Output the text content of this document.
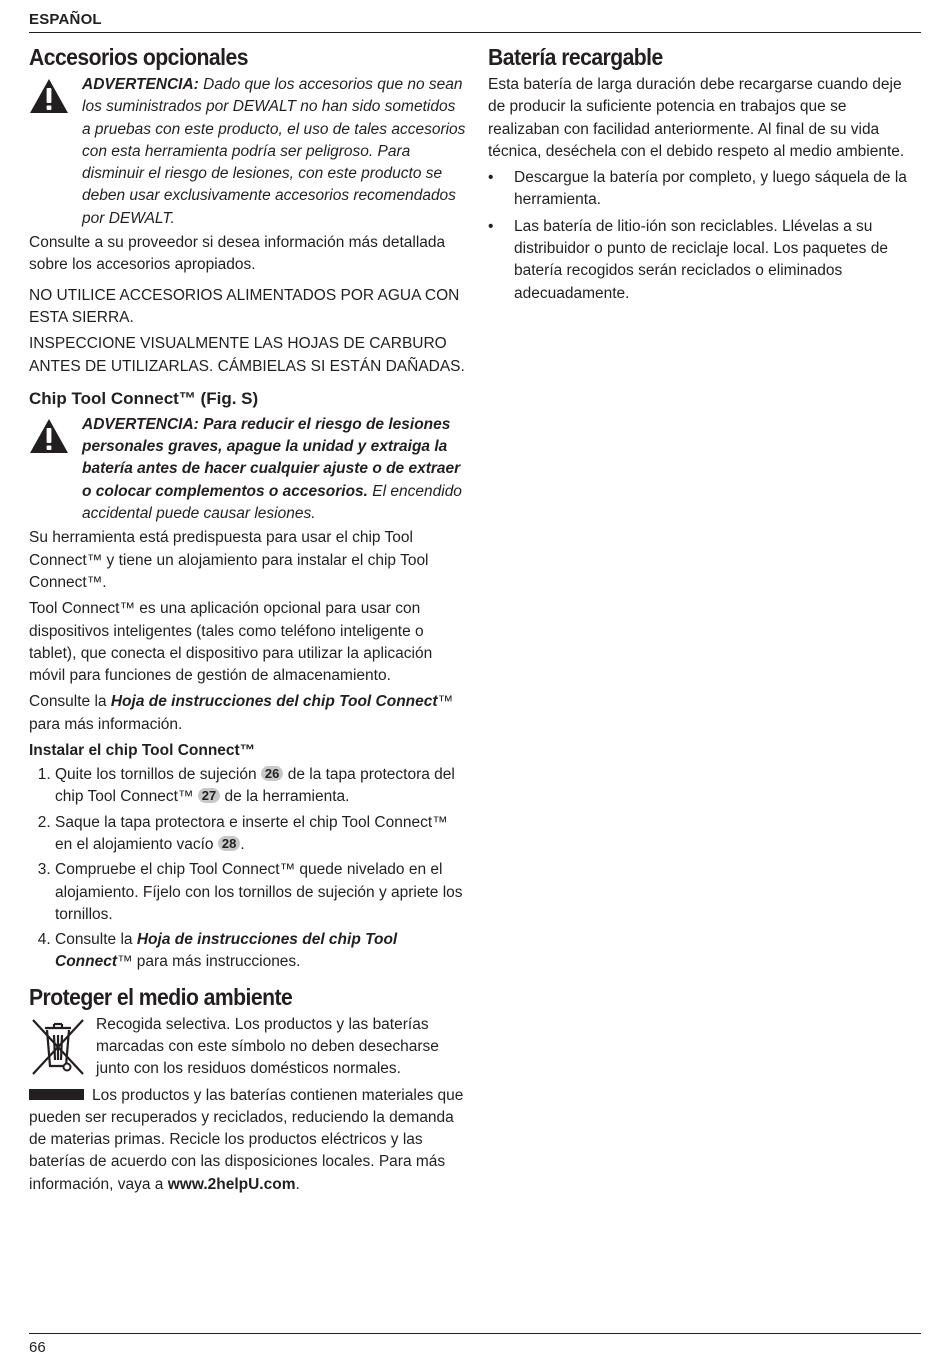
ESPAÑOL
Accesorios opcionales

ADVERTENCIA: Dado que los accesorios que no sean los suministrados por DEWALT no han sido sometidos a pruebas con este producto, el uso de tales accesorios con esta herramienta podría ser peligroso. Para disminuir el riesgo de lesiones, con este producto se deben usar exclusivamente accesorios recomendados por DEWALT.

Consulte a su proveedor si desea información más detallada sobre los accesorios apropiados.

NO UTILICE ACCESORIOS ALIMENTADOS POR AGUA CON ESTA SIERRA.

INSPECCIONE VISUALMENTE LAS HOJAS DE CARBURO ANTES DE UTILIZARLAS. CÁMBIELAS SI ESTÁN DAÑADAS.

Chip Tool Connect™ (Fig. S)

ADVERTENCIA: Para reducir el riesgo de lesiones personales graves, apague la unidad y extraiga la batería antes de hacer cualquier ajuste o de extraer o colocar complementos o accesorios. El encendido accidental puede causar lesiones.

Su herramienta está predispuesta para usar el chip Tool Connect™ y tiene un alojamiento para instalar el chip Tool Connect™.

Tool Connect™ es una aplicación opcional para usar con dispositivos inteligentes (tales como teléfono inteligente o tablet), que conecta el dispositivo para utilizar la aplicación móvil para funciones de gestión de almacenamiento.

Consulte la Hoja de instrucciones del chip Tool Connect™ para más información.

Instalar el chip Tool Connect™
1. Quite los tornillos de sujeción 26 de la tapa protectora del chip Tool Connect™ 27 de la herramienta.
2. Saque la tapa protectora e inserte el chip Tool Connect™ en el alojamiento vacío 28 .
3. Compruebe el chip Tool Connect™ quede nivelado en el alojamiento. Fíjelo con los tornillos de sujeción y apriete los tornillos.
4. Consulte la Hoja de instrucciones del chip Tool Connect™ para más instrucciones.
Proteger el medio ambiente

Recogida selectiva. Los productos y las baterías marcadas con este símbolo no deben desecharse junto con los residuos domésticos normales.

Los productos y las baterías contienen materiales que pueden ser recuperados y reciclados, reduciendo la demanda de materias primas. Recicle los productos eléctricos y las baterías de acuerdo con las disposiciones locales. Para más información, vaya a www.2helpU.com.

Batería recargable

Esta batería de larga duración debe recargarse cuando deje de producir la suficiente potencia en trabajos que se realizaban con facilidad anteriormente. Al final de su vida técnica, deséchela con el debido respeto al medio ambiente.

• Descargue la batería por completo, y luego sáquela de la herramienta.
• Las batería de litio-ión son reciclables. Llévelas a su distribuidor o punto de reciclaje local. Los paquetes de batería recogidos serán reciclados o eliminados adecuadamente.
66
